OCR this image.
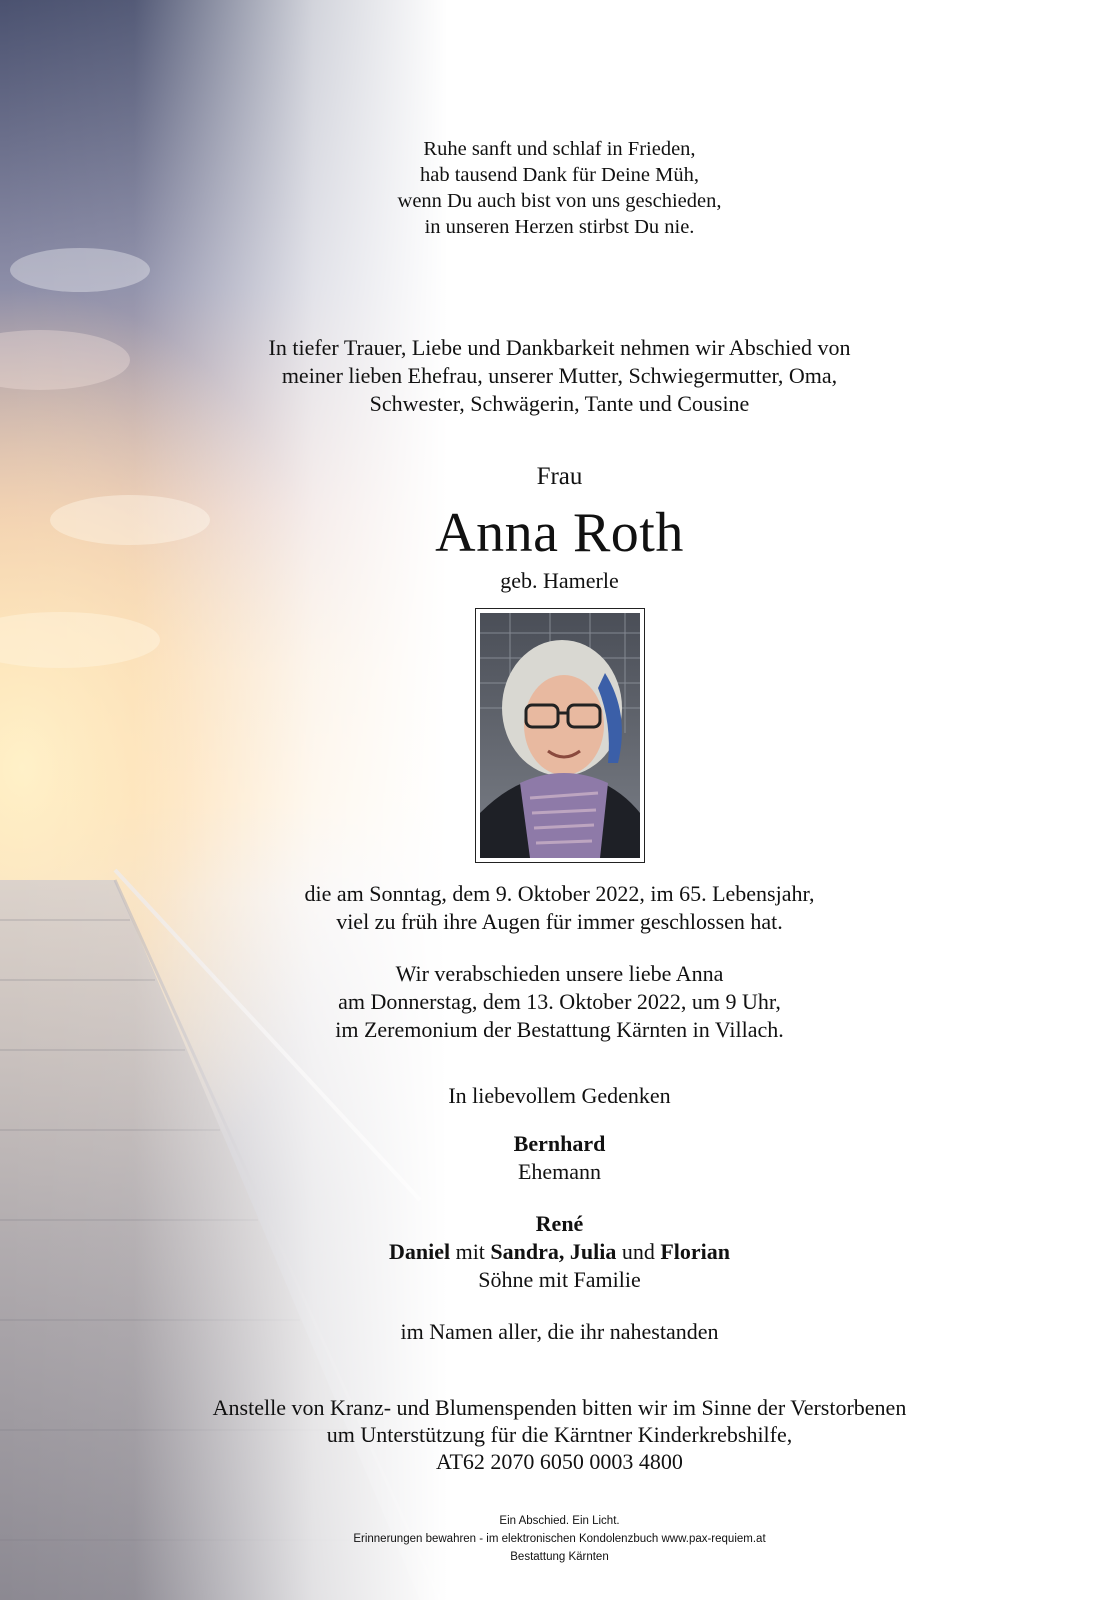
Ruhe sanft und schlaf in Frieden,

hab tausend Dank für Deine Müh,

wenn Du auch bist von uns geschieden,

in unseren Herzen stirbst Du nie.

In tiefer Trauer, Liebe und Dankbarkeit nehmen wir Abschied von

meiner lieben Ehefrau, unserer Mutter, Schwiegermutter, Oma,

Schwester, Schwägerin, Tante und Cousine

Frau
Anna Roth
geb. Hamerle

die am Sonntag, dem 9. Oktober 2022, im 65. Lebensjahr,

viel zu früh ihre Augen für immer geschlossen hat.

Wir verabschieden unsere liebe Anna

am Donnerstag, dem 13. Oktober 2022, um 9 Uhr,

im Zeremonium der Bestattung Kärnten in Villach.

In liebevollem Gedenken

Bernhard

Ehemann

René

Daniel mit Sandra, Julia und Florian

Söhne mit Familie

im Namen aller, die ihr nahestanden

Anstelle von Kranz- und Blumenspenden bitten wir im Sinne der Verstorbenen

um Unterstützung für die Kärntner Kinderkrebshilfe,

AT62 2070 6050 0003 4800

Ein Abschied. Ein Licht.

Erinnerungen bewahren - im elektronischen Kondolenzbuch www.pax-requiem.at

Bestattung Kärnten
